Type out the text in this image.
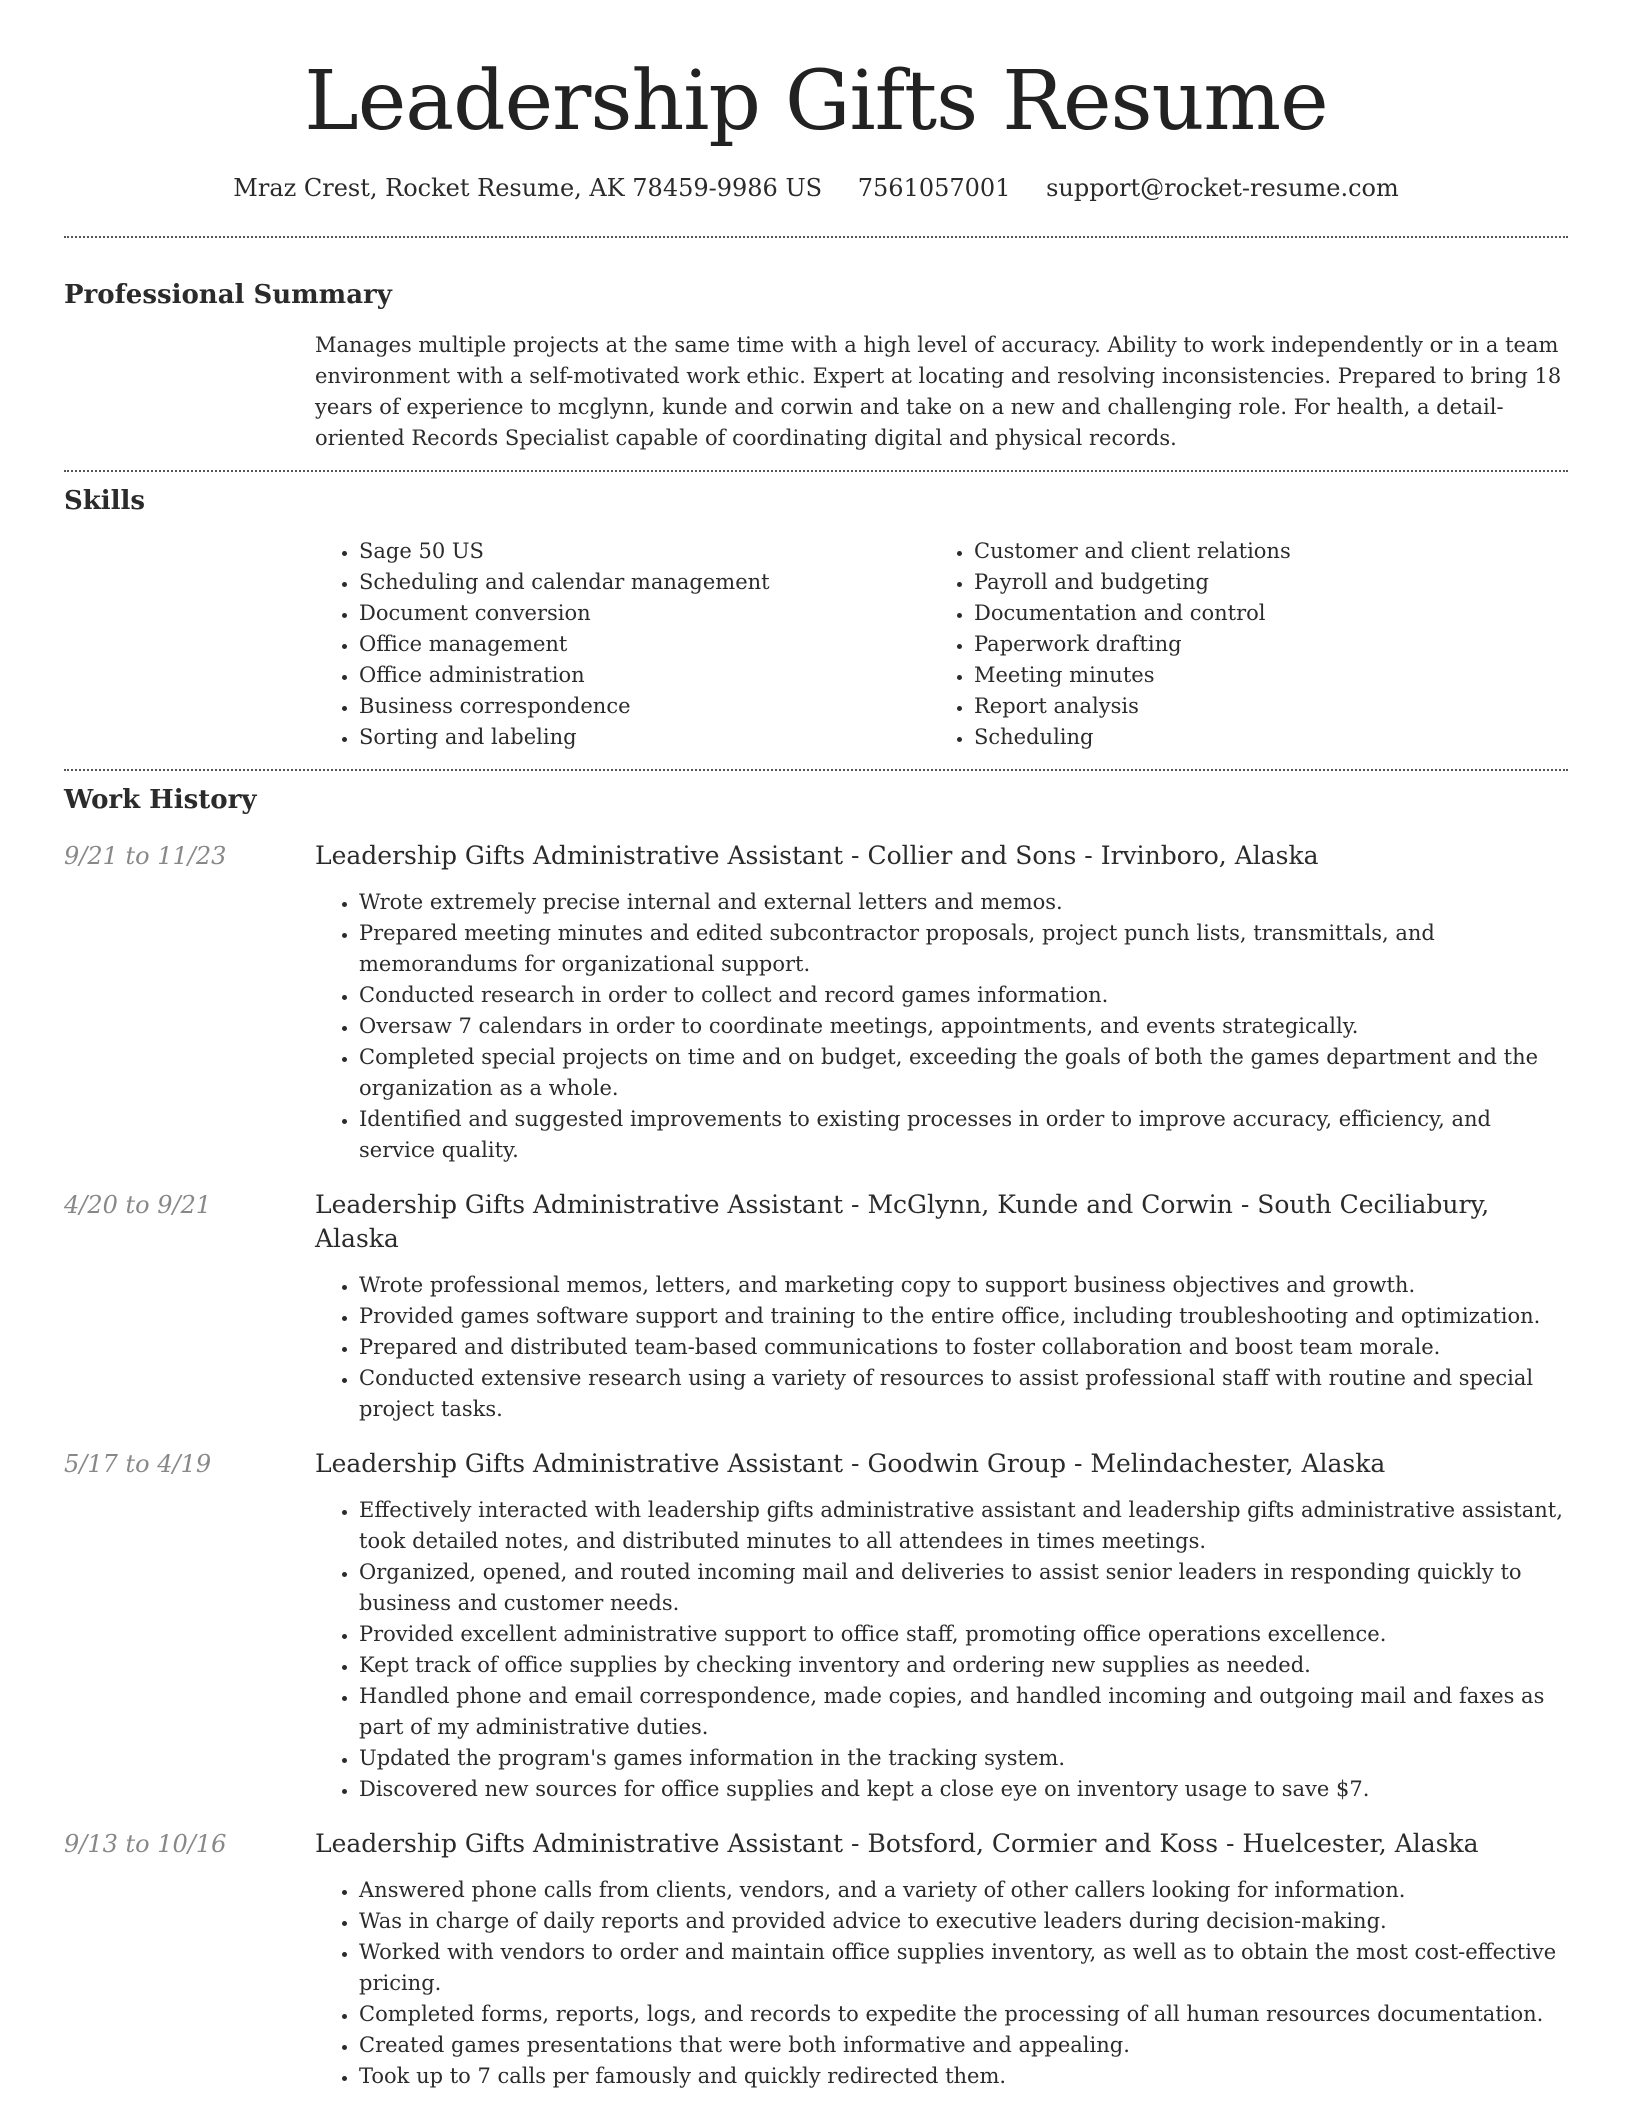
Leadership Gifts Resume
Mraz Crest, Rocket Resume, AK 78459-9986 US 7561057001 support@rocket-resume.com
Professional Summary

Manages multiple projects at the same time with a high level of accuracy. Ability to work independently or in a team environment with a self-motivated work ethic. Expert at locating and resolving inconsistencies. Prepared to bring 18 years of experience to mcglynn, kunde and corwin and take on a new and challenging role. For health, a detail-oriented Records Specialist capable of coordinating digital and physical records.

Skills
• Sage 50 US
• Scheduling and calendar management
• Document conversion
• Office management
• Office administration
• Business correspondence
• Sorting and labeling
• Customer and client relations
• Payroll and budgeting
• Documentation and control
• Paperwork drafting
• Meeting minutes
• Report analysis
• Scheduling
Work History
9/21 to 11/23	Leadership Gifts Administrative Assistant - Collier and Sons - Irvinboro, Alaska
• Wrote extremely precise internal and external letters and memos.
• Prepared meeting minutes and edited subcontractor proposals, project punch lists, transmittals, and memorandums for organizational support.
• Conducted research in order to collect and record games information.
• Oversaw 7 calendars in order to coordinate meetings, appointments, and events strategically.
• Completed special projects on time and on budget, exceeding the goals of both the games department and the organization as a whole.
• Identified and suggested improvements to existing processes in order to improve accuracy, efficiency, and service quality.
4/20 to 9/21	Leadership Gifts Administrative Assistant - McGlynn, Kunde and Corwin - South Ceciliabury, Alaska
• Wrote professional memos, letters, and marketing copy to support business objectives and growth.
• Provided games software support and training to the entire office, including troubleshooting and optimization.
• Prepared and distributed team-based communications to foster collaboration and boost team morale.
• Conducted extensive research using a variety of resources to assist professional staff with routine and special project tasks.
5/17 to 4/19	Leadership Gifts Administrative Assistant - Goodwin Group - Melindachester, Alaska
• Effectively interacted with leadership gifts administrative assistant and leadership gifts administrative assistant, took detailed notes, and distributed minutes to all attendees in times meetings.
• Organized, opened, and routed incoming mail and deliveries to assist senior leaders in responding quickly to business and customer needs.
• Provided excellent administrative support to office staff, promoting office operations excellence.
• Kept track of office supplies by checking inventory and ordering new supplies as needed.
• Handled phone and email correspondence, made copies, and handled incoming and outgoing mail and faxes as part of my administrative duties.
• Updated the program's games information in the tracking system.
• Discovered new sources for office supplies and kept a close eye on inventory usage to save $7.
9/13 to 10/16	Leadership Gifts Administrative Assistant - Botsford, Cormier and Koss - Huelcester, Alaska
• Answered phone calls from clients, vendors, and a variety of other callers looking for information.
• Was in charge of daily reports and provided advice to executive leaders during decision-making.
• Worked with vendors to order and maintain office supplies inventory, as well as to obtain the most cost-effective pricing.
• Completed forms, reports, logs, and records to expedite the processing of all human resources documentation.
• Created games presentations that were both informative and appealing.
• Took up to 7 calls per famously and quickly redirected them.
